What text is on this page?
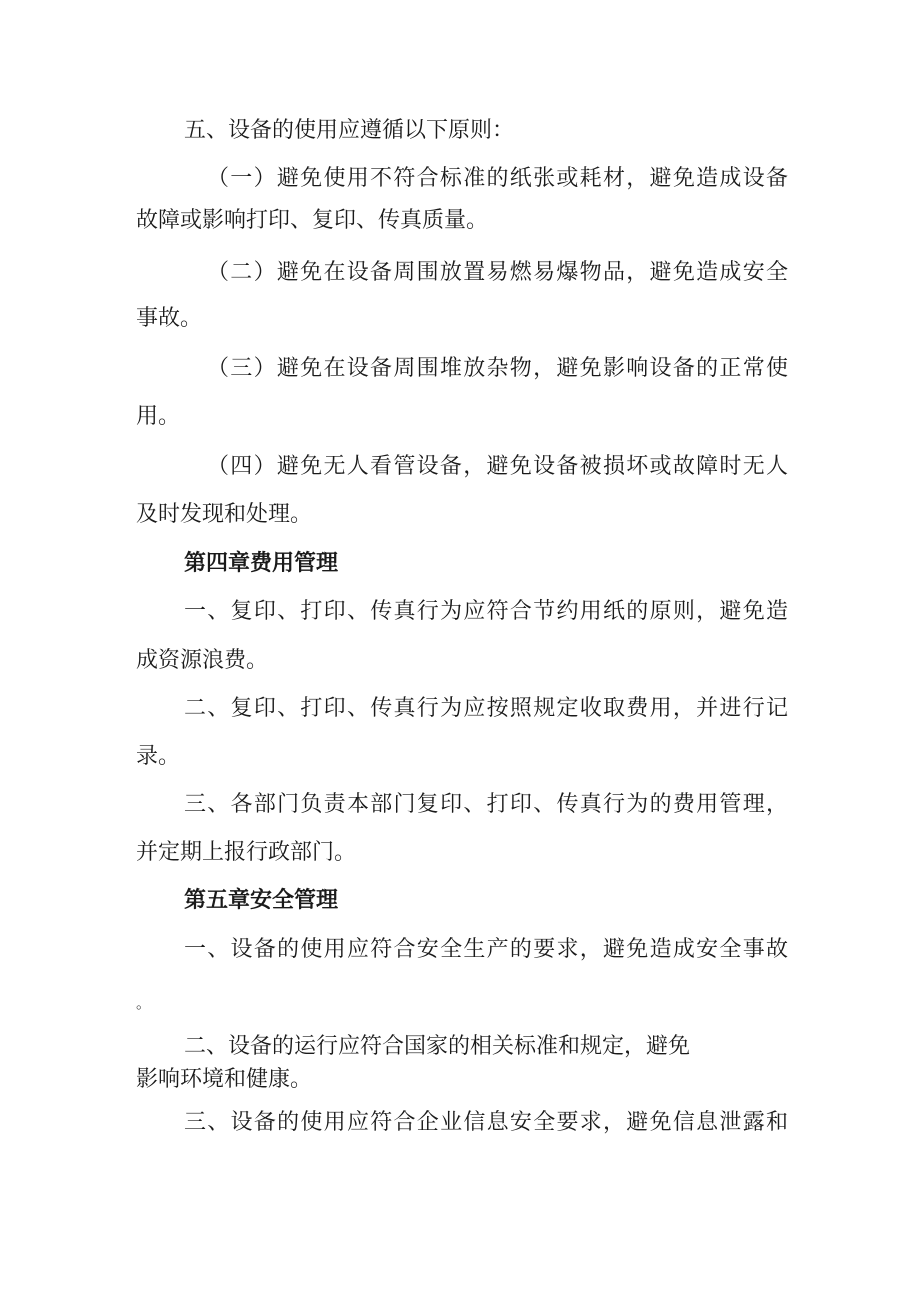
五、设备的使用应遵循以下原则：
（一）避免使用不符合标准的纸张或耗材，避免造成设备
故障或影响打印、复印、传真质量。
（二）避免在设备周围放置易燃易爆物品，避免造成安全
事故。
（三）避免在设备周围堆放杂物，避免影响设备的正常使
用。
（四）避免无人看管设备，避免设备被损坏或故障时无人
及时发现和处理。
第四章费用管理
一、复印、打印、传真行为应符合节约用纸的原则，避免造
成资源浪费。
二、复印、打印、传真行为应按照规定收取费用，并进行记
录。
三、各部门负责本部门复印、打印、传真行为的费用管理，
并定期上报行政部门。
第五章安全管理
一、设备的使用应符合安全生产的要求，避免造成安全事故
。
二、设备的运行应符合国家的相关标准和规定，避免
影响环境和健康。
三、设备的使用应符合企业信息安全要求，避免信息泄露和
